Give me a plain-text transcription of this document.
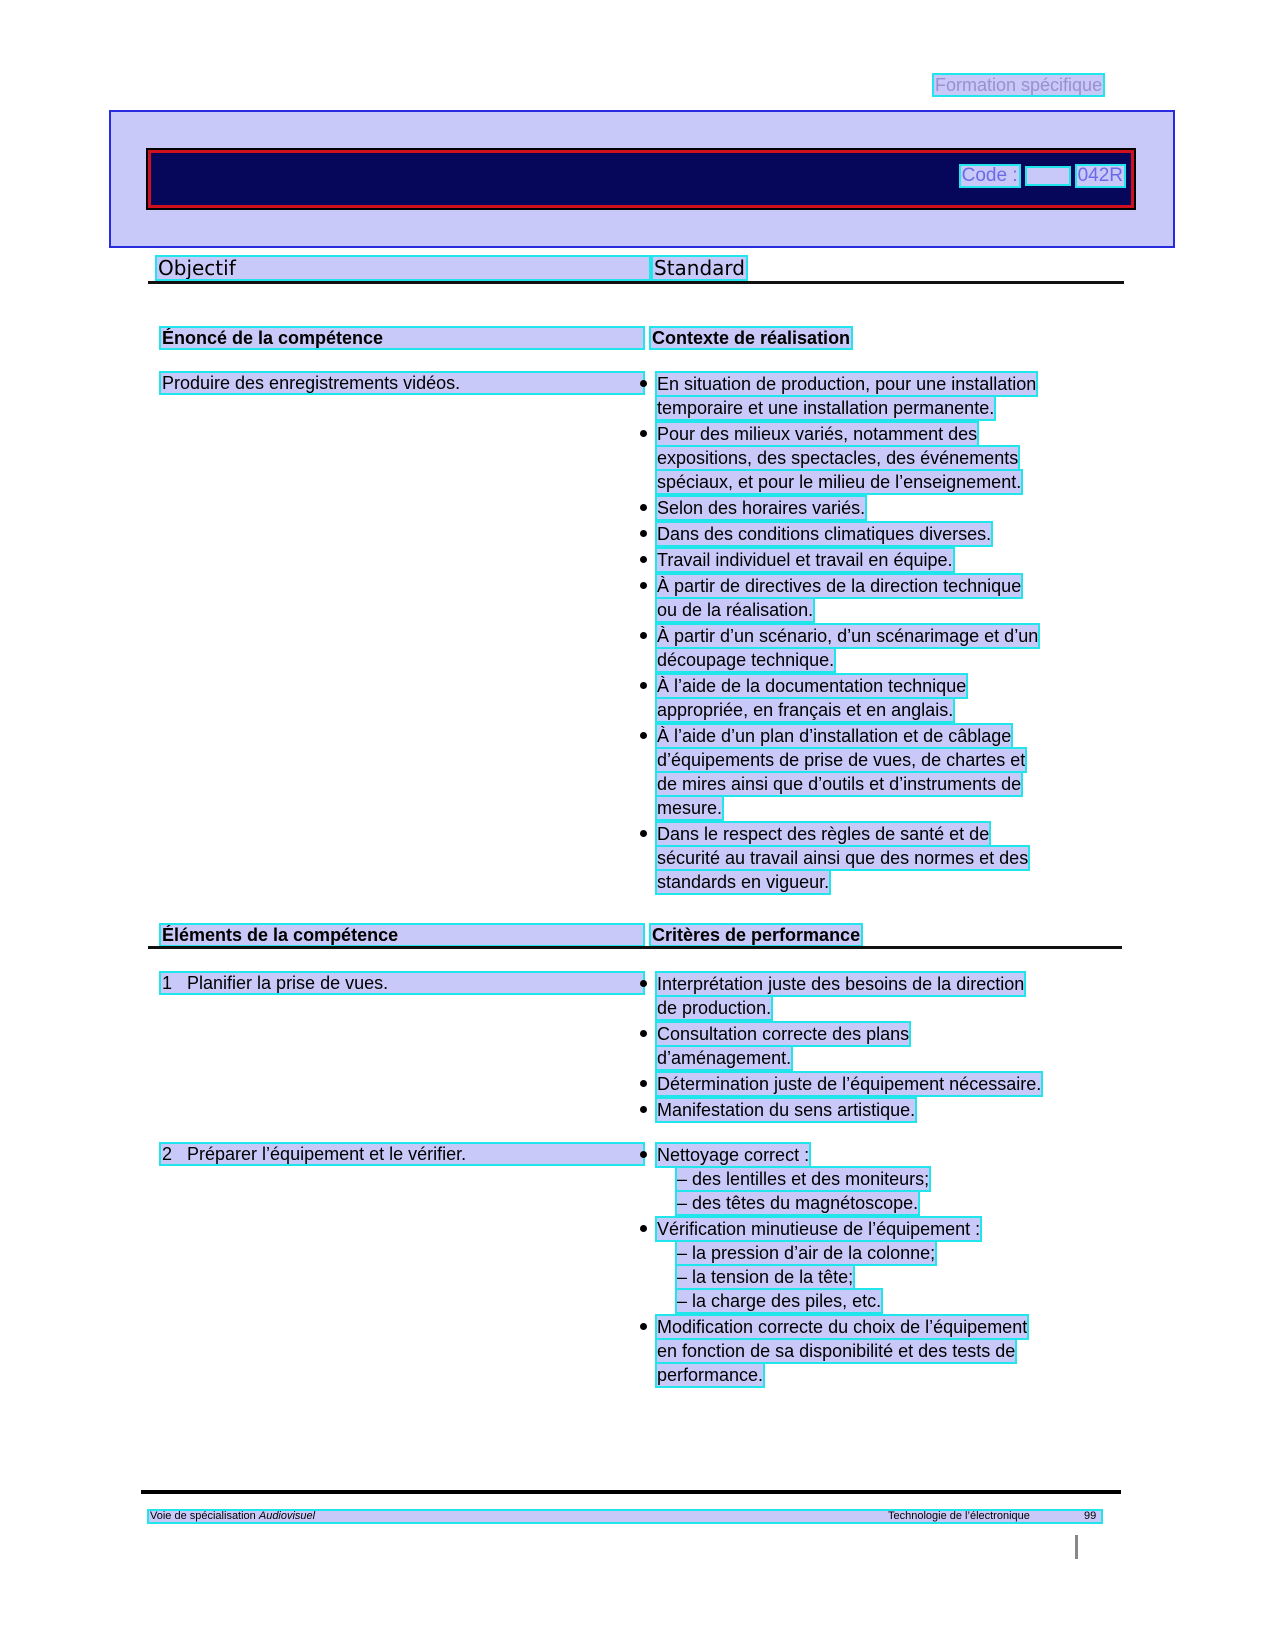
Formation spécifique
Code :	042R
Objectif	Standard
Énoncé de la compétence	Contexte de réalisation
Produire des enregistrements vidéos.	En situation de production, pour une installation
temporaire et une installation permanente.
Pour des milieux variés, notamment des
expositions, des spectacles, des événements
spéciaux, et pour le milieu de l’enseignement.
Selon des horaires variés.
Dans des conditions climatiques diverses.
Travail individuel et travail en équipe.
À partir de directives de la direction technique
ou de la réalisation.
À partir d’un scénario, d’un scénarimage et d’un
découpage technique.
À l’aide de la documentation technique
appropriée, en français et en anglais.
À l’aide d’un plan d’installation et de câblage
d’équipements de prise de vues, de chartes et
de mires ainsi que d’outils et d’instruments de
mesure.
Dans le respect des règles de santé et de
sécurité au travail ainsi que des normes et des
standards en vigueur.
Éléments de la compétence	Critères de performance
1   Planifier la prise de vues.	Interprétation juste des besoins de la direction
de production.
Consultation correcte des plans
d’aménagement.
Détermination juste de l’équipement nécessaire.
Manifestation du sens artistique.
2   Préparer l’équipement et le vérifier.	Nettoyage correct :
– des lentilles et des moniteurs;
– des têtes du magnétoscope.
Vérification minutieuse de l’équipement :
– la pression d’air de la colonne;
– la tension de la tête;
– la charge des piles, etc.
Modification correcte du choix de l’équipement
en fonction de sa disponibilité et des tests de
performance.
Voie de spécialisation Audiovisuel	Technologie de l’électronique	99
